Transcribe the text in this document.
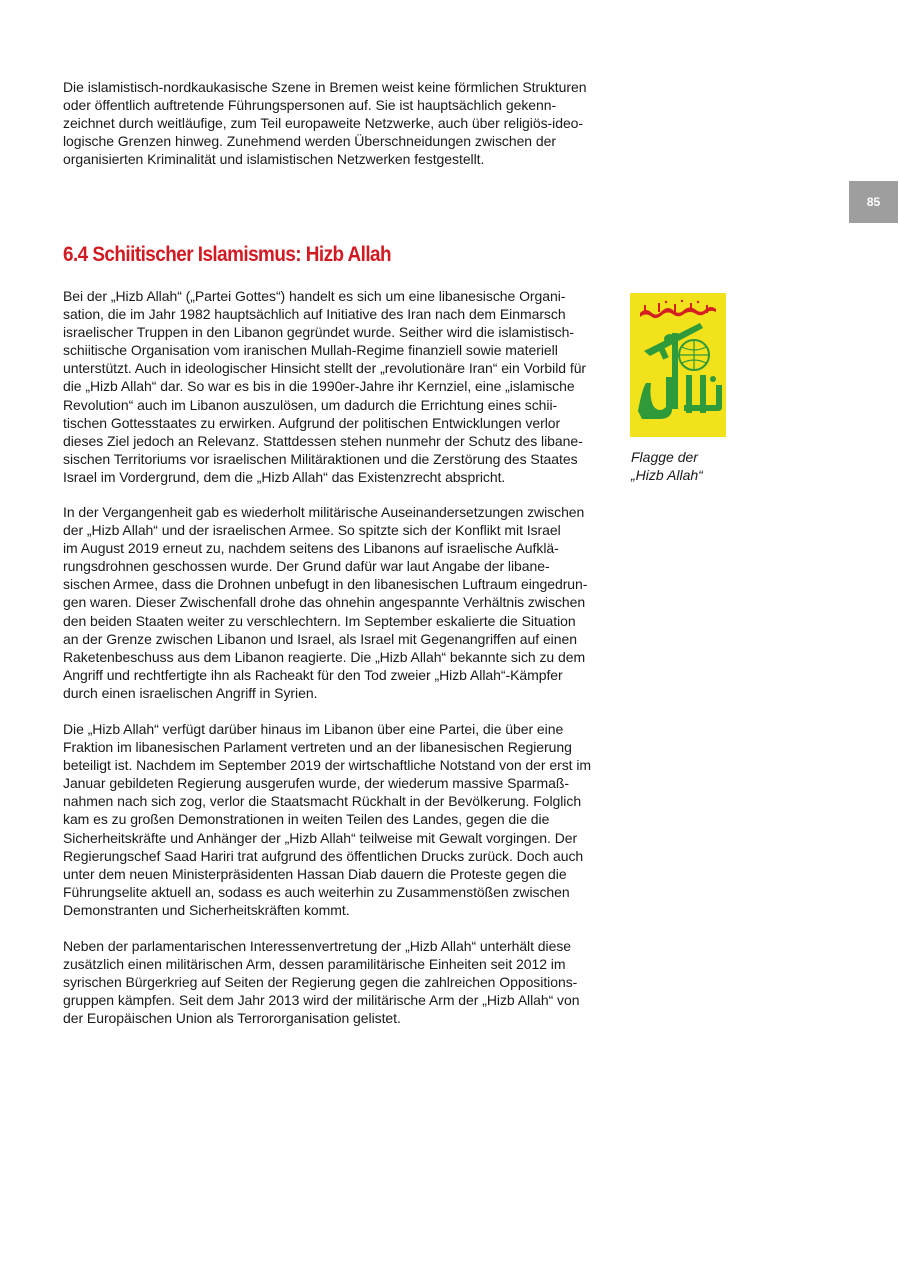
Die islamistisch-nordkaukasische Szene in Bremen weist keine förmlichen Strukturen
oder öffentlich auftretende Führungspersonen auf. Sie ist hauptsächlich gekenn-
zeichnet durch weitläufige, zum Teil europaweite Netzwerke, auch über religiös-ideo-
logische Grenzen hinweg. Zunehmend werden Überschneidungen zwischen der
organisierten Kriminalität und islamistischen Netzwerken festgestellt.

85
6.4 Schiitischer Islamismus: Hizb Allah

Bei der „Hizb Allah“ („Partei Gottes“) handelt es sich um eine libanesische Organi-
sation, die im Jahr 1982 hauptsächlich auf Initiative des Iran nach dem Einmarsch
israelischer Truppen in den Libanon gegründet wurde. Seither wird die islamistisch-
schiitische Organisation vom iranischen Mullah-Regime finanziell sowie materiell
unterstützt. Auch in ideologischer Hinsicht stellt der „revolutionäre Iran“ ein Vorbild für
die „Hizb Allah“ dar. So war es bis in die 1990er-Jahre ihr Kernziel, eine „islamische
Revolution“ auch im Libanon auszulösen, um dadurch die Errichtung eines schii-
tischen Gottesstaates zu erwirken. Aufgrund der politischen Entwicklungen verlor
dieses Ziel jedoch an Relevanz. Stattdessen stehen nunmehr der Schutz des libane-
sischen Territoriums vor israelischen Militäraktionen und die Zerstörung des Staates
Israel im Vordergrund, dem die „Hizb Allah“ das Existenzrecht abspricht.

Flagge der
„Hizb Allah“

In der Vergangenheit gab es wiederholt militärische Auseinandersetzungen zwischen
der „Hizb Allah“ und der israelischen Armee. So spitzte sich der Konflikt mit Israel
im August 2019 erneut zu, nachdem seitens des Libanons auf israelische Aufklä-
rungsdrohnen geschossen wurde. Der Grund dafür war laut Angabe der libane-
sischen Armee, dass die Drohnen unbefugt in den libanesischen Luftraum eingedrun-
gen waren. Dieser Zwischenfall drohe das ohnehin angespannte Verhältnis zwischen
den beiden Staaten weiter zu verschlechtern. Im September eskalierte die Situation
an der Grenze zwischen Libanon und Israel, als Israel mit Gegenangriffen auf einen
Raketenbeschuss aus dem Libanon reagierte. Die „Hizb Allah“ bekannte sich zu dem
Angriff und rechtfertigte ihn als Racheakt für den Tod zweier „Hizb Allah“-Kämpfer
durch einen israelischen Angriff in Syrien.

Die „Hizb Allah“ verfügt darüber hinaus im Libanon über eine Partei, die über eine
Fraktion im libanesischen Parlament vertreten und an der libanesischen Regierung
beteiligt ist. Nachdem im September 2019 der wirtschaftliche Notstand von der erst im
Januar gebildeten Regierung ausgerufen wurde, der wiederum massive Sparmaß-
nahmen nach sich zog, verlor die Staatsmacht Rückhalt in der Bevölkerung. Folglich
kam es zu großen Demonstrationen in weiten Teilen des Landes, gegen die die
Sicherheitskräfte und Anhänger der „Hizb Allah“ teilweise mit Gewalt vorgingen. Der
Regierungschef Saad Hariri trat aufgrund des öffentlichen Drucks zurück. Doch auch
unter dem neuen Ministerpräsidenten Hassan Diab dauern die Proteste gegen die
Führungselite aktuell an, sodass es auch weiterhin zu Zusammenstößen zwischen
Demonstranten und Sicherheitskräften kommt.

Neben der parlamentarischen Interessenvertretung der „Hizb Allah“ unterhält diese
zusätzlich einen militärischen Arm, dessen paramilitärische Einheiten seit 2012 im
syrischen Bürgerkrieg auf Seiten der Regierung gegen die zahlreichen Oppositions-
gruppen kämpfen. Seit dem Jahr 2013 wird der militärische Arm der „Hizb Allah“ von
der Europäischen Union als Terrororganisation gelistet.
